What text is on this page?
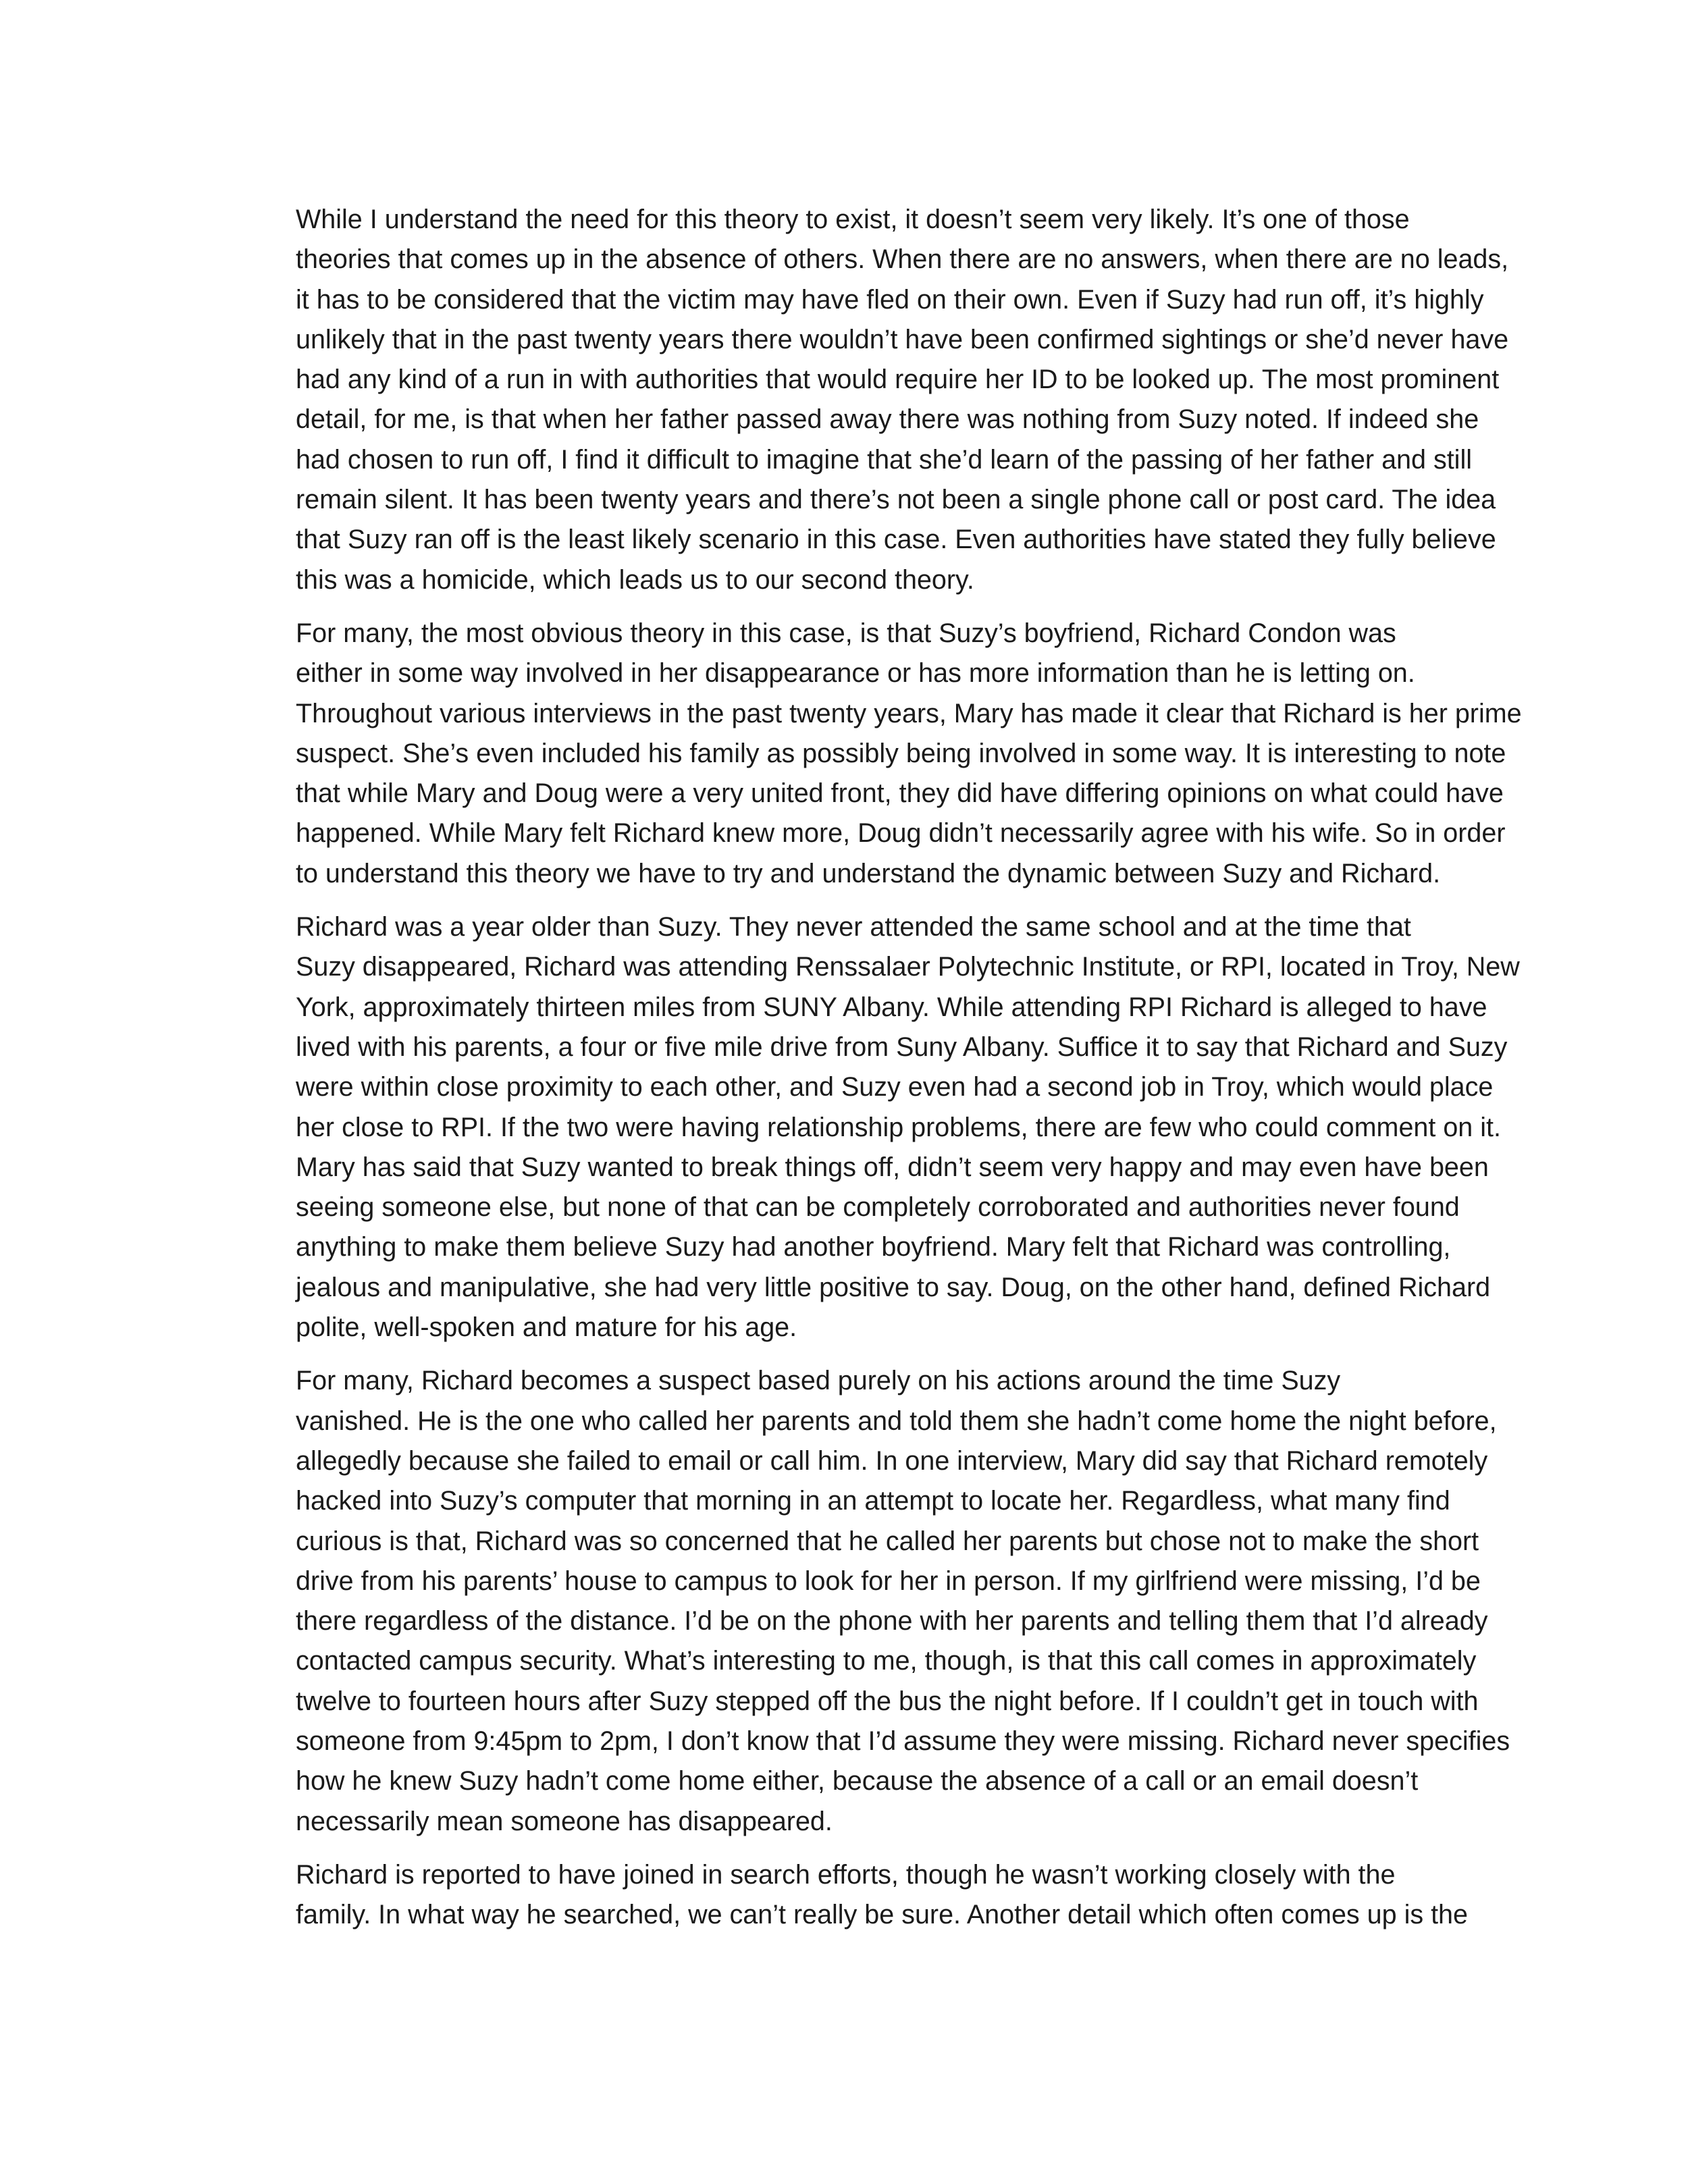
While I understand the need for this theory to exist, it doesn’t seem very likely. It’s one of those
theories that comes up in the absence of others. When there are no answers, when there are no leads,
it has to be considered that the victim may have fled on their own. Even if Suzy had run off, it’s highly
unlikely that in the past twenty years there wouldn’t have been confirmed sightings or she’d never have
had any kind of a run in with authorities that would require her ID to be looked up. The most prominent
detail, for me, is that when her father passed away there was nothing from Suzy noted. If indeed she
had chosen to run off, I find it difficult to imagine that she’d learn of the passing of her father and still
remain silent. It has been twenty years and there’s not been a single phone call or post card. The idea
that Suzy ran off is the least likely scenario in this case. Even authorities have stated they fully believe
this was a homicide, which leads us to our second theory.

For many, the most obvious theory in this case, is that Suzy’s boyfriend, Richard Condon was
either in some way involved in her disappearance or has more information than he is letting on.
Throughout various interviews in the past twenty years, Mary has made it clear that Richard is her prime
suspect. She’s even included his family as possibly being involved in some way. It is interesting to note
that while Mary and Doug were a very united front, they did have differing opinions on what could have
happened. While Mary felt Richard knew more, Doug didn’t necessarily agree with his wife. So in order
to understand this theory we have to try and understand the dynamic between Suzy and Richard.

Richard was a year older than Suzy. They never attended the same school and at the time that
Suzy disappeared, Richard was attending Renssalaer Polytechnic Institute, or RPI, located in Troy, New
York, approximately thirteen miles from SUNY Albany. While attending RPI Richard is alleged to have
lived with his parents, a four or five mile drive from Suny Albany. Suffice it to say that Richard and Suzy
were within close proximity to each other, and Suzy even had a second job in Troy, which would place
her close to RPI. If the two were having relationship problems, there are few who could comment on it.
Mary has said that Suzy wanted to break things off, didn’t seem very happy and may even have been
seeing someone else, but none of that can be completely corroborated and authorities never found
anything to make them believe Suzy had another boyfriend. Mary felt that Richard was controlling,
jealous and manipulative, she had very little positive to say. Doug, on the other hand, defined Richard
polite, well-spoken and mature for his age.

For many, Richard becomes a suspect based purely on his actions around the time Suzy
vanished. He is the one who called her parents and told them she hadn’t come home the night before,
allegedly because she failed to email or call him. In one interview, Mary did say that Richard remotely
hacked into Suzy’s computer that morning in an attempt to locate her. Regardless, what many find
curious is that, Richard was so concerned that he called her parents but chose not to make the short
drive from his parents’ house to campus to look for her in person. If my girlfriend were missing, I’d be
there regardless of the distance. I’d be on the phone with her parents and telling them that I’d already
contacted campus security. What’s interesting to me, though, is that this call comes in approximately
twelve to fourteen hours after Suzy stepped off the bus the night before. If I couldn’t get in touch with
someone from 9:45pm to 2pm, I don’t know that I’d assume they were missing. Richard never specifies
how he knew Suzy hadn’t come home either, because the absence of a call or an email doesn’t
necessarily mean someone has disappeared.

Richard is reported to have joined in search efforts, though he wasn’t working closely with the
family. In what way he searched, we can’t really be sure. Another detail which often comes up is the
